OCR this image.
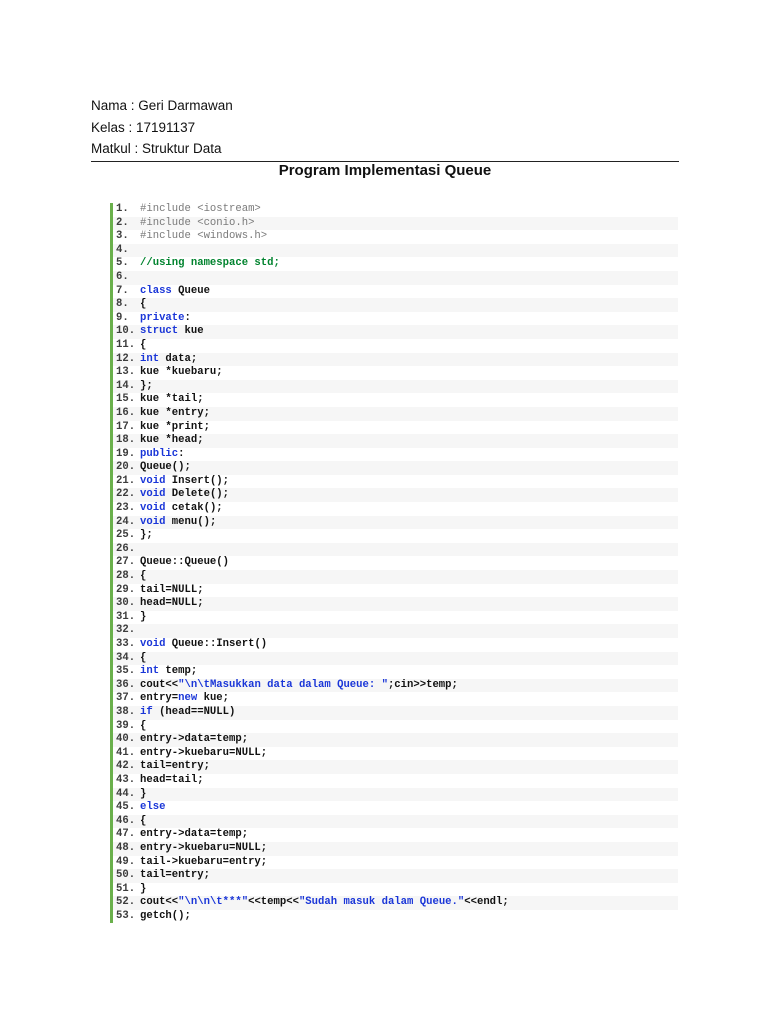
Nama : Geri Darmawan
Kelas : 17191137
Matkul : Struktur Data
Program Implementasi Queue
1.	#include <iostream>
2.	#include <conio.h>
3.	#include <windows.h>
4.
5.	//using namespace std;
6.
7.	class Queue
8.	{
9.	private:
10. struct kue
11. {
12. int data;
13. kue *kuebaru;
14. };
15. kue *tail;
16. kue *entry;
17. kue *print;
18. kue *head;
19. public:
20. Queue();
21. void Insert();
22. void Delete();
23. void cetak();
24. void menu();
25. };
26.
27. Queue::Queue()
28. {
29. tail=NULL;
30. head=NULL;
31. }
32.
33. void Queue::Insert()
34. {
35. int temp;
36. cout<<"\n\tMasukkan data dalam Queue: ";cin>>temp;
37. entry=new kue;
38. if (head==NULL)
39. {
40. entry->data=temp;
41. entry->kuebaru=NULL;
42. tail=entry;
43. head=tail;
44. }
45. else
46. {
47. entry->data=temp;
48. entry->kuebaru=NULL;
49. tail->kuebaru=entry;
50. tail=entry;
51. }
52. cout<<"\n\n\t***"<<temp<<"Sudah masuk dalam Queue."<<endl;
53. getch();
